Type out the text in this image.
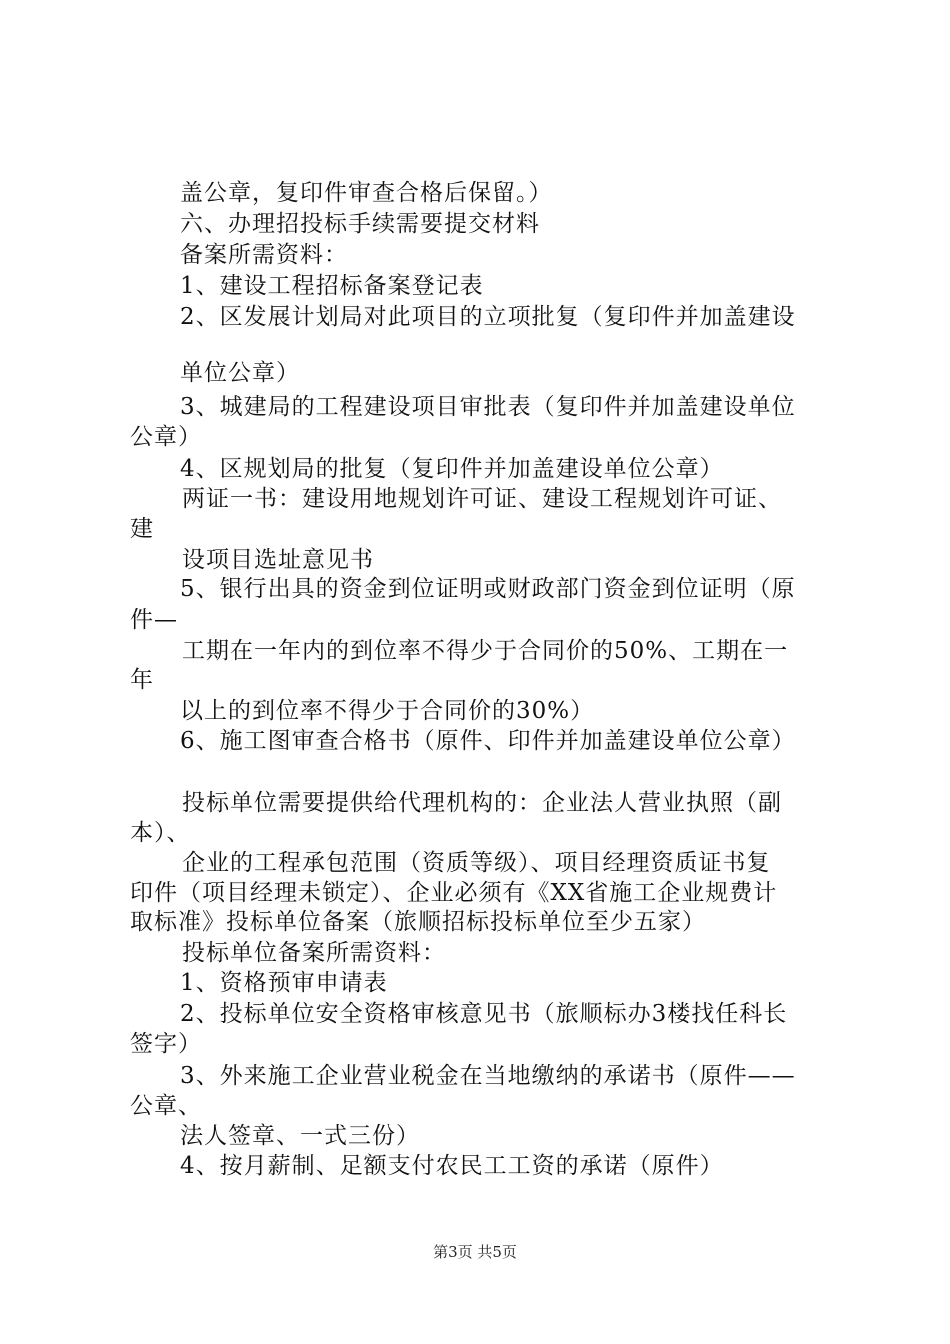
盖公章，复印件审查合格后保留。）
六、办理招投标手续需要提交材料
备案所需资料：
1、建设工程招标备案登记表
2、区发展计划局对此项目的立项批复（复印件并加盖建设
单位公章）
3、城建局的工程建设项目审批表（复印件并加盖建设单位
公章）
4、区规划局的批复（复印件并加盖建设单位公章）
两证一书：建设用地规划许可证、建设工程规划许可证、
建
设项目选址意见书
5、银行出具的资金到位证明或财政部门资金到位证明（原
件—
工期在一年内的到位率不得少于合同价的50%、工期在一
年
以上的到位率不得少于合同价的30%）
6、施工图审查合格书（原件、印件并加盖建设单位公章）
投标单位需要提供给代理机构的：企业法人营业执照（副
本）、
企业的工程承包范围（资质等级）、项目经理资质证书复
印件（项目经理未锁定）、企业必须有《XX省施工企业规费计
取标准》投标单位备案（旅顺招标投标单位至少五家）
投标单位备案所需资料：
1、资格预审申请表
2、投标单位安全资格审核意见书（旅顺标办3楼找任科长
签字）
3、外来施工企业营业税金在当地缴纳的承诺书（原件——
公章、
法人签章、一式三份）
4、按月薪制、足额支付农民工工资的承诺（原件）
第3页 共5页
